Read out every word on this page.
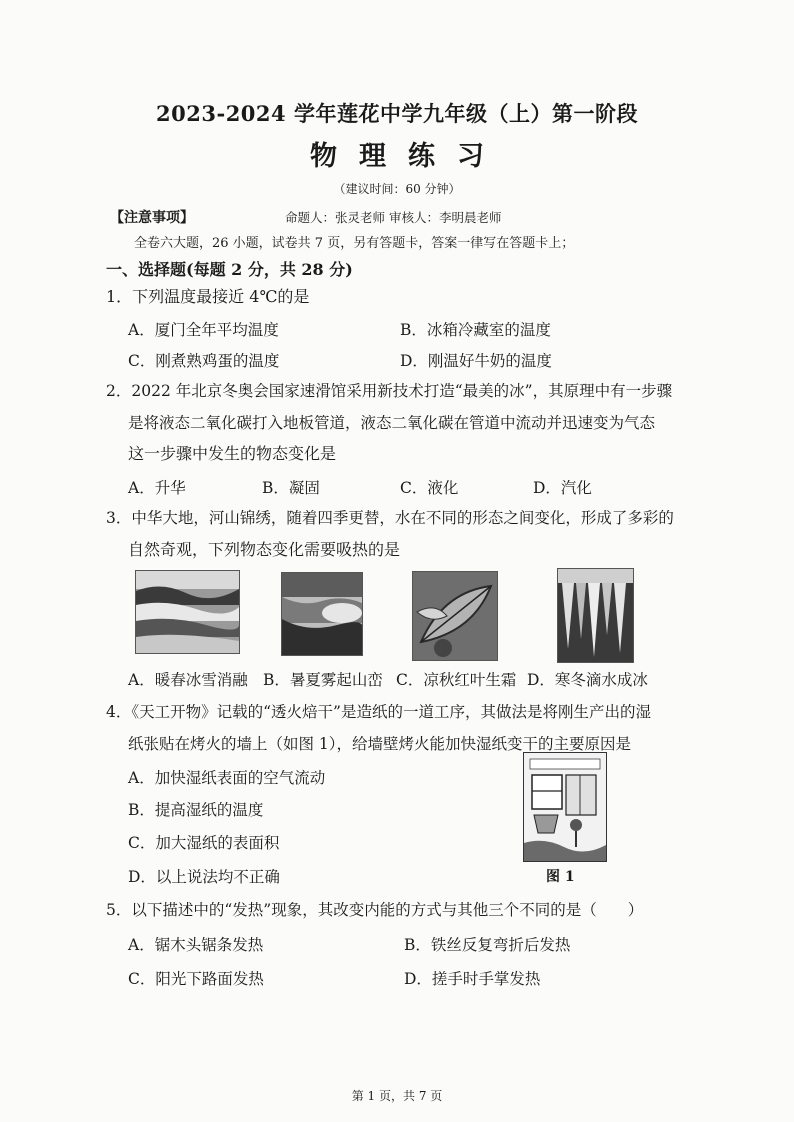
2023-2024 学年莲花中学九年级（上）第一阶段
物理练习
（建议时间：60 分钟）
【注意事项】	命题人：张灵老师 审核人：李明晨老师
全卷六大题，26 小题，试卷共 7 页，另有答题卡，答案一律写在答题卡上；
一、选择题(每题 2 分，共 28 分)
1．下列温度最接近 4℃的是
A．厦门全年平均温度	B．冰箱冷藏室的温度
C．刚煮熟鸡蛋的温度	D．刚温好牛奶的温度
2．2022 年北京冬奥会国家速滑馆采用新技术打造“最美的冰”，其原理中有一步骤
是将液态二氧化碳打入地板管道，液态二氧化碳在管道中流动并迅速变为气态
这一步骤中发生的物态变化是
A．升华	B．凝固	C．液化	D．汽化
3．中华大地，河山锦绣，随着四季更替，水在不同的形态之间变化，形成了多彩的
自然奇观，下列物态变化需要吸热的是
A．暖春冰雪消融 B．暑夏雾起山峦 C．凉秋红叶生霜 D．寒冬滴水成冰
4．《天工开物》记载的“透火焙干”是造纸的一道工序，其做法是将刚生产出的湿
纸张贴在烤火的墙上（如图 1），给墙壁烤火能加快湿纸变干的主要原因是
A．加快湿纸表面的空气流动
B．提高湿纸的温度
C．加大湿纸的表面积
D．以上说法均不正确	图 1
5．以下描述中的“发热”现象，其改变内能的方式与其他三个不同的是（　　）
A．锯木头锯条发热	B．铁丝反复弯折后发热
C．阳光下路面发热	D．搓手时手掌发热
第 1 页，共 7 页
